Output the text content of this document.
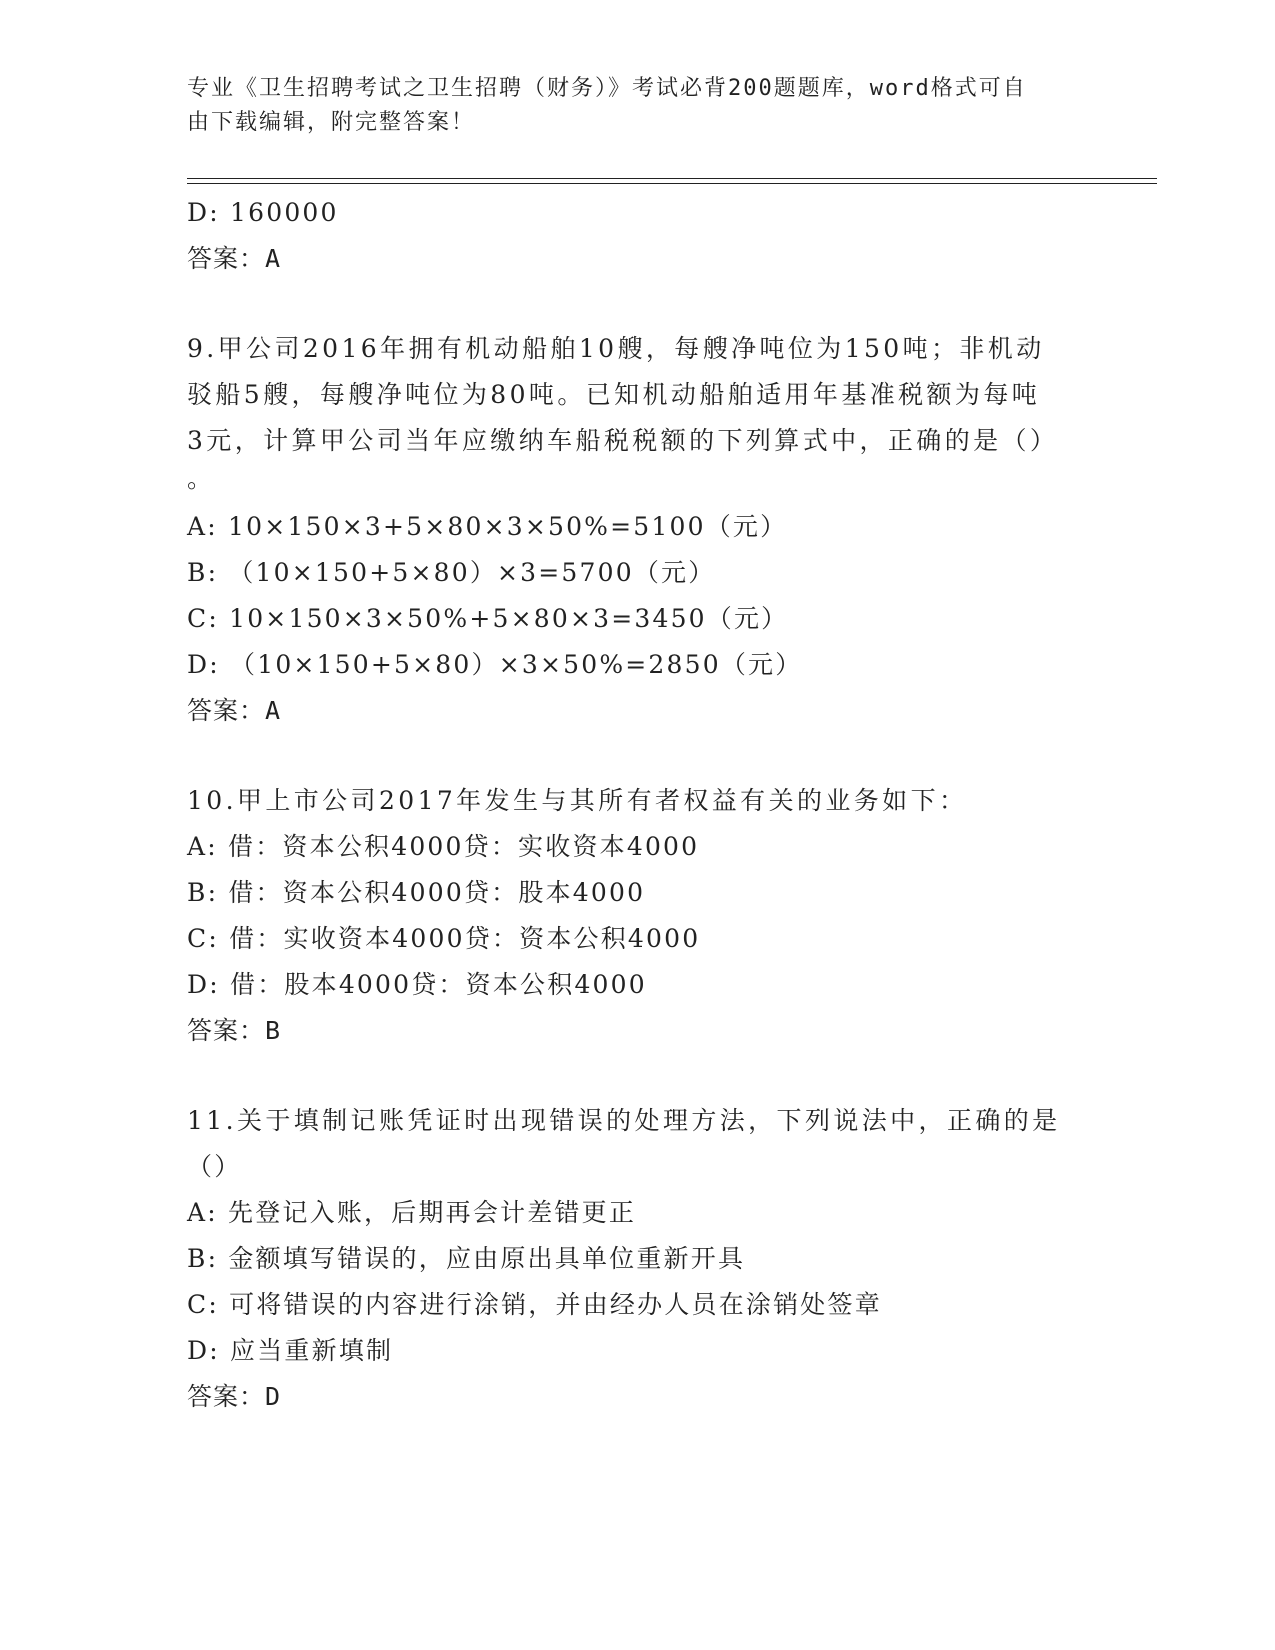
专业《卫生招聘考试之卫生招聘（财务）》考试必背200题题库，word格式可自
由下载编辑，附完整答案！
D: 160000
答案：A
9.甲公司2016年拥有机动船舶10艘，每艘净吨位为150吨；非机动
驳船5艘，每艘净吨位为80吨。已知机动船舶适用年基准税额为每吨
3元，计算甲公司当年应缴纳车船税税额的下列算式中，正确的是（）
。
A: 10×150×3+5×80×3×50%=5100（元）
B: （10×150+5×80）×3=5700（元）
C: 10×150×3×50%+5×80×3=3450（元）
D: （10×150+5×80）×3×50%=2850（元）
答案：A
10.甲上市公司2017年发生与其所有者权益有关的业务如下：
A: 借：资本公积4000贷：实收资本4000
B: 借：资本公积4000贷：股本4000
C: 借：实收资本4000贷：资本公积4000
D: 借：股本4000贷：资本公积4000
答案：B
11.关于填制记账凭证时出现错误的处理方法，下列说法中，正确的是
（）
A: 先登记入账，后期再会计差错更正
B: 金额填写错误的，应由原出具单位重新开具
C: 可将错误的内容进行涂销，并由经办人员在涂销处签章
D: 应当重新填制
答案：D
